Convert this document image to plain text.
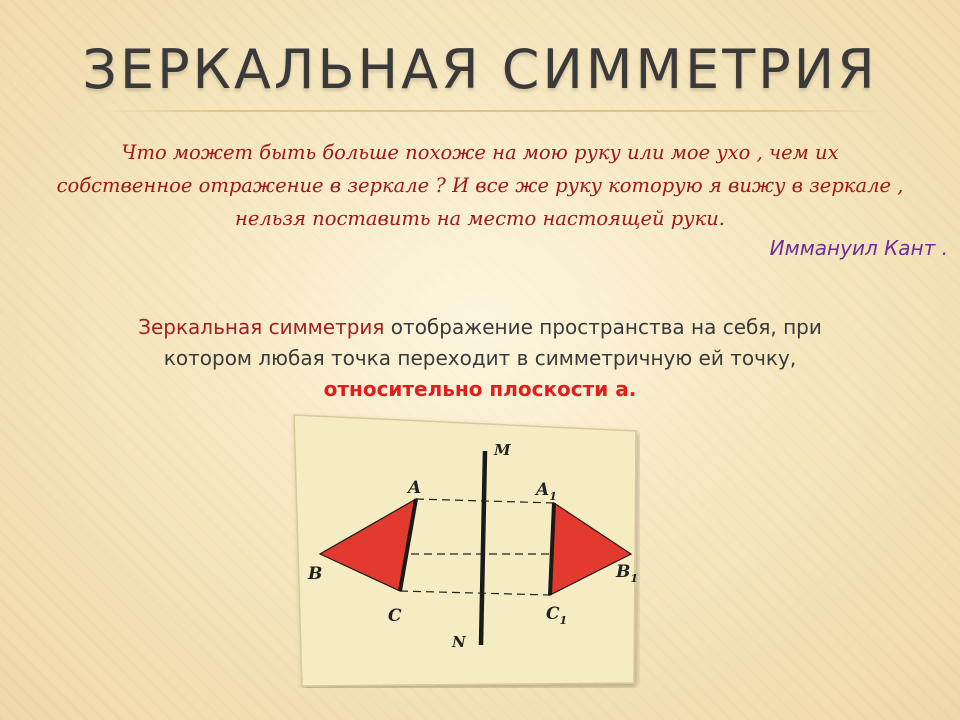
ЗЕРКАЛЬНАЯ СИММЕТРИЯ
Что может быть больше похоже на мою руку или мое ухо , чем их
собственное отражение в зеркале ? И все же руку которую я вижу в зеркале ,
нельзя поставить на место настоящей руки.
Иммануил Кант .
Зеркальная симметрия отображение пространства на себя, при
котором любая точка переходит в симметричную ей точку,
относительно плоскости а.
M
N
A
B
C
$A_1$
$B_1$
$C_1$
